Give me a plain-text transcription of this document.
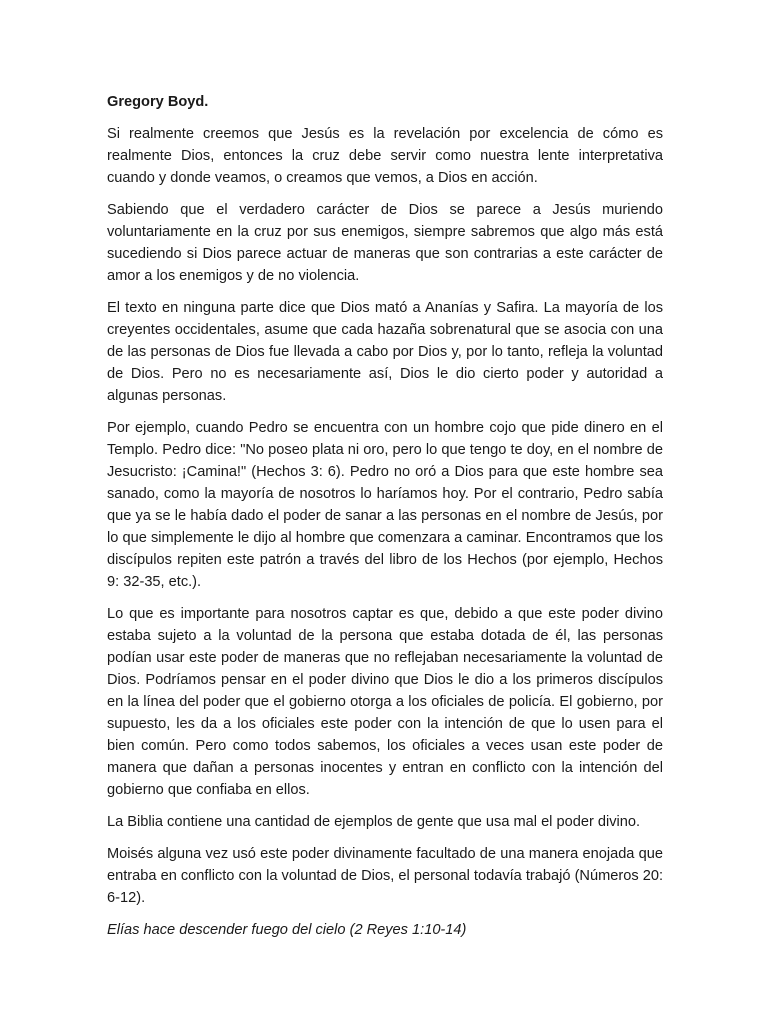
Gregory Boyd.

Si realmente creemos que Jesús es la revelación por excelencia de cómo es realmente Dios, entonces la cruz debe servir como nuestra lente interpretativa cuando y donde veamos, o creamos que vemos, a Dios en acción.

Sabiendo que el verdadero carácter de Dios se parece a Jesús muriendo voluntariamente en la cruz por sus enemigos, siempre sabremos que algo más está sucediendo si Dios parece actuar de maneras que son contrarias a este carácter de amor a los enemigos y de no violencia.

El texto en ninguna parte dice que Dios mató a Ananías y Safira. La mayoría de los creyentes occidentales, asume que cada hazaña sobrenatural que se asocia con una de las personas de Dios fue llevada a cabo por Dios y, por lo tanto, refleja la voluntad de Dios. Pero no es necesariamente así, Dios le dio cierto poder y autoridad a algunas personas.

Por ejemplo, cuando Pedro se encuentra con un hombre cojo que pide dinero en el Templo. Pedro dice: "No poseo plata ni oro, pero lo que tengo te doy, en el nombre de Jesucristo: ¡Camina!" (Hechos 3: 6). Pedro no oró a Dios para que este hombre sea sanado, como la mayoría de nosotros lo haríamos hoy. Por el contrario, Pedro sabía que ya se le había dado el poder de sanar a las personas en el nombre de Jesús, por lo que simplemente le dijo al hombre que comenzara a caminar. Encontramos que los discípulos repiten este patrón a través del libro de los Hechos (por ejemplo, Hechos 9: 32-35, etc.).

Lo que es importante para nosotros captar es que, debido a que este poder divino estaba sujeto a la voluntad de la persona que estaba dotada de él, las personas podían usar este poder de maneras que no reflejaban necesariamente la voluntad de Dios. Podríamos pensar en el poder divino que Dios le dio a los primeros discípulos en la línea del poder que el gobierno otorga a los oficiales de policía. El gobierno, por supuesto, les da a los oficiales este poder con la intención de que lo usen para el bien común. Pero como todos sabemos, los oficiales a veces usan este poder de manera que dañan a personas inocentes y entran en conflicto con la intención del gobierno que confiaba en ellos.

La Biblia contiene una cantidad de ejemplos de gente que usa mal el poder divino.

Moisés alguna vez usó este poder divinamente facultado de una manera enojada que entraba en conflicto con la voluntad de Dios, el personal todavía trabajó (Números 20: 6-12).

Elías hace descender fuego del cielo (2 Reyes 1:10-14)
